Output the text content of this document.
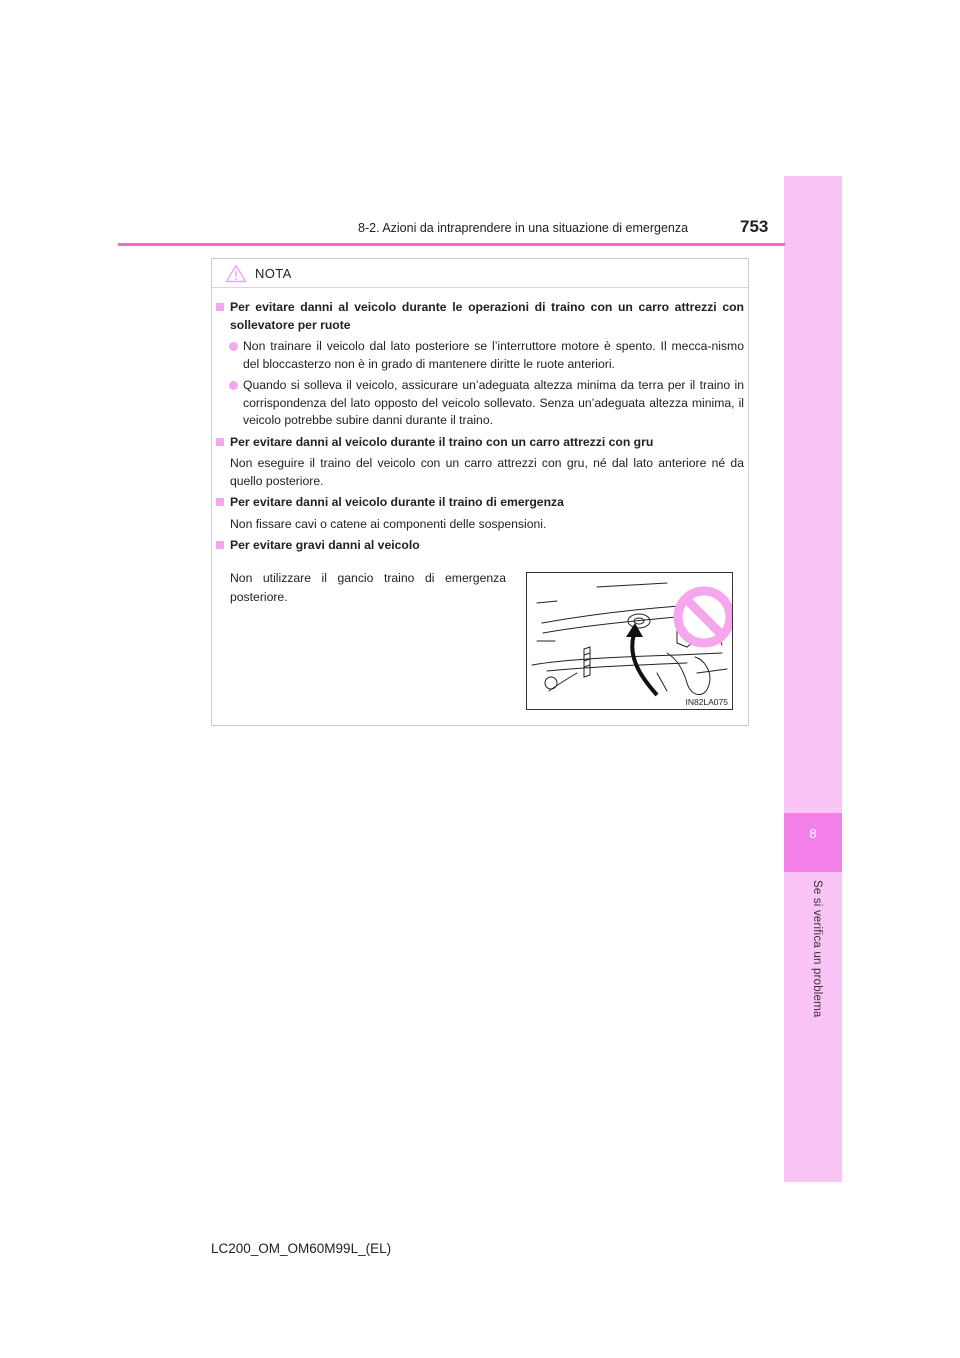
8
Se si verifica un problema
8-2. Azioni da intraprendere in una situazione di emergenza	753
NOTA
Per evitare danni al veicolo durante le operazioni di traino con un carro attrezzi con sollevatore per ruote
Non trainare il veicolo dal lato posteriore se l’interruttore motore è spento. Il mecca-nismo del bloccasterzo non è in grado di mantenere diritte le ruote anteriori.
Quando si solleva il veicolo, assicurare un’adeguata altezza minima da terra per il traino in corrispondenza del lato opposto del veicolo sollevato. Senza un’adeguata altezza minima, il veicolo potrebbe subire danni durante il traino.
Per evitare danni al veicolo durante il traino con un carro attrezzi con gru
Non eseguire il traino del veicolo con un carro attrezzi con gru, né dal lato anteriore né da quello posteriore.
Per evitare danni al veicolo durante il traino di emergenza
Non fissare cavi o catene ai componenti delle sospensioni.
Per evitare gravi danni al veicolo
Non utilizzare il gancio traino di emergenza posteriore.
IN82LA075
LC200_OM_OM60M99L_(EL)
